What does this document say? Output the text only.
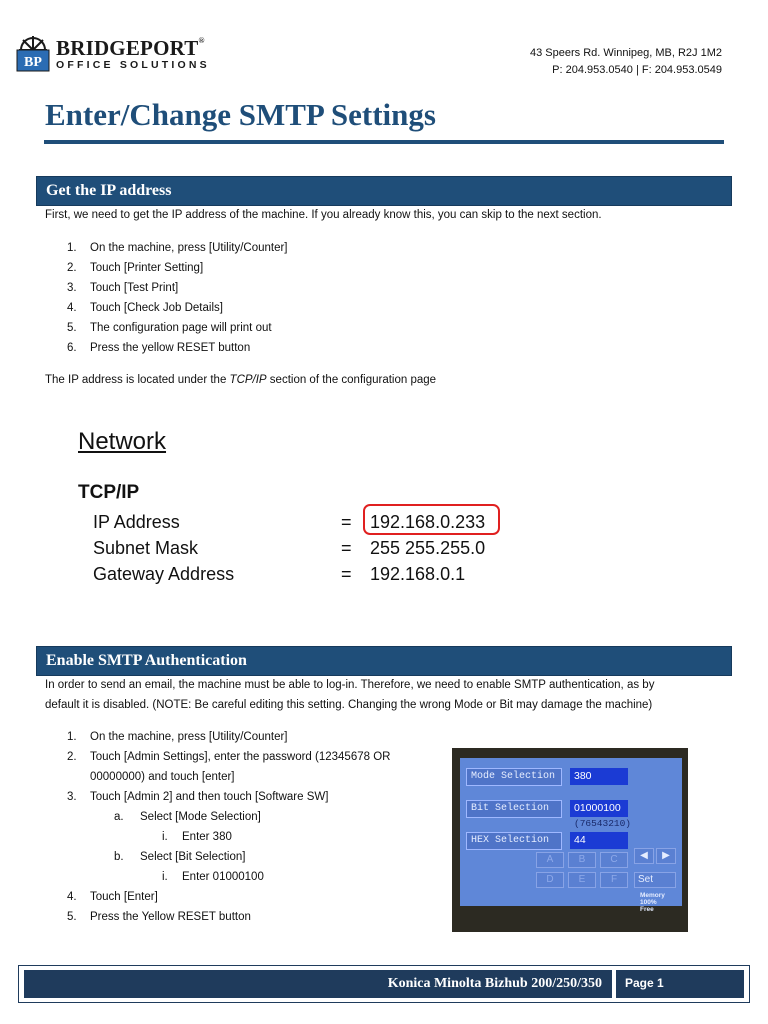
BP
BRIDGEPORT®
OFFICE SOLUTIONS
43 Speers Rd. Winnipeg, MB, R2J 1M2
P: 204.953.0540 | F: 204.953.0549
Enter/Change SMTP Settings
Get the IP address

First, we need to get the IP address of the machine. If you already know this, you can skip to the next section.

1. On the machine, press [Utility/Counter]
2. Touch [Printer Setting]
3. Touch [Test Print]
4. Touch [Check Job Details]
5. The configuration page will print out
6. Press the yellow RESET button

The IP address is located under the TCP/IP section of the configuration page

Network
TCP/IP
IP Address	= 192.168.0.233
Subnet Mask	= 255 255.255.0
Gateway Address	= 192.168.0.1
Enable SMTP Authentication

In order to send an email, the machine must be able to log-in. Therefore, we need to enable SMTP authentication, as by

default it is disabled. (NOTE: Be careful editing this setting. Changing the wrong Mode or Bit may damage the machine)

1. On the machine, press [Utility/Counter]
2. Touch [Admin Settings], enter the password (12345678 OR
00000000) and touch [enter]
3. Touch [Admin 2] and then touch [Software SW]
a. Select [Mode Selection]
i. Enter 380
b. Select [Bit Selection]
i. Enter 01000100
4. Touch [Enter]
5. Press the Yellow RESET button
Mode Selection	380
Bit Selection	01000100
(76543210)
HEX Selection	44
A	B	C	◀	▶
D	E	F	Set
Memory 100%
Free
Konica Minolta Bizhub 200/250/350 Page 1
